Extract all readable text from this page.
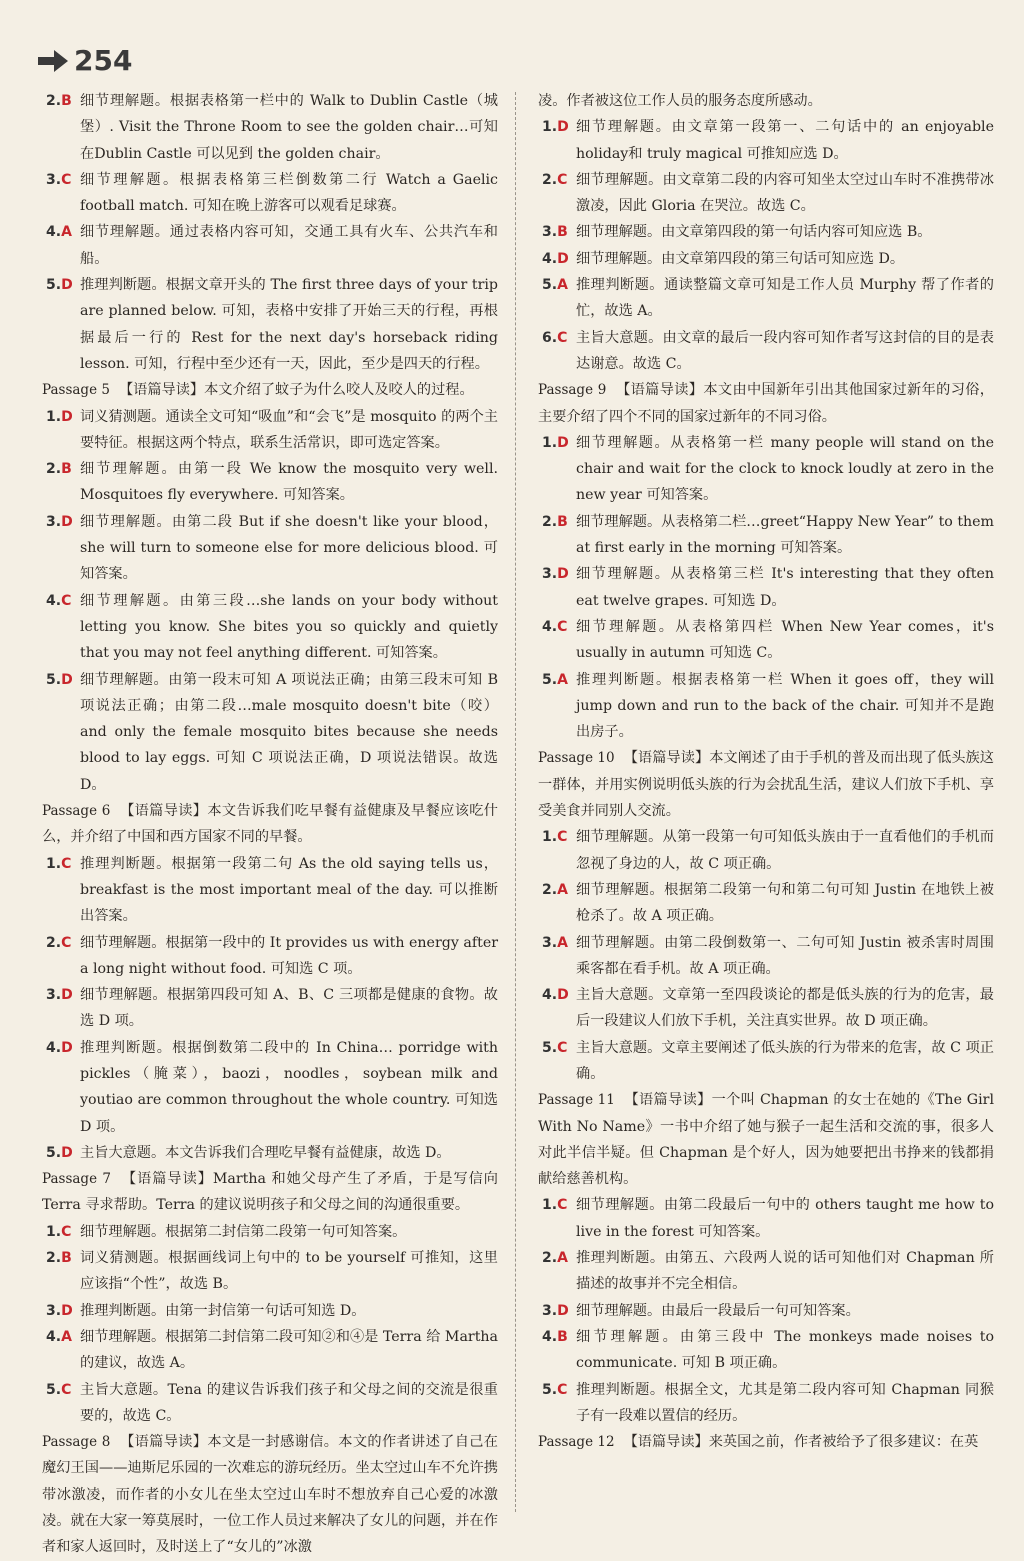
254
2.B 细节理解题。根据表格第一栏中的 Walk to Dublin Castle（城堡）. Visit the Throne Room to see the golden chair…可知在Dublin Castle 可以见到 the golden chair。
3.C 细节理解题。根据表格第三栏倒数第二行 Watch a Gaelic football match. 可知在晚上游客可以观看足球赛。
4.A 细节理解题。通过表格内容可知，交通工具有火车、公共汽车和船。
5.D 推理判断题。根据文章开头的 The first three days of your trip are planned below. 可知，表格中安排了开始三天的行程，再根据最后一行的 Rest for the next day's horseback riding lesson. 可知，行程中至少还有一天，因此，至少是四天的行程。
Passage 5 【语篇导读】本文介绍了蚊子为什么咬人及咬人的过程。
1.D 词义猜测题。通读全文可知“吸血”和“会飞”是 mosquito 的两个主要特征。根据这两个特点，联系生活常识，即可选定答案。
2.B 细节理解题。由第一段 We know the mosquito very well. Mosquitoes fly everywhere. 可知答案。
3.D 细节理解题。由第二段 But if she doesn't like your blood，she will turn to someone else for more delicious blood. 可知答案。
4.C 细节理解题。由第三段…she lands on your body without letting you know. She bites you so quickly and quietly that you may not feel anything different. 可知答案。
5.D 细节理解题。由第一段末可知 A 项说法正确；由第三段末可知 B 项说法正确；由第二段…male mosquito doesn't bite（咬）and only the female mosquito bites because she needs blood to lay eggs. 可知 C 项说法正确，D 项说法错误。故选 D。
Passage 6 【语篇导读】本文告诉我们吃早餐有益健康及早餐应该吃什么，并介绍了中国和西方国家不同的早餐。
1.C 推理判断题。根据第一段第二句 As the old saying tells us，breakfast is the most important meal of the day. 可以推断出答案。
2.C 细节理解题。根据第一段中的 It provides us with energy after a long night without food. 可知选 C 项。
3.D 细节理解题。根据第四段可知 A、B、C 三项都是健康的食物。故选 D 项。
4.D 推理判断题。根据倒数第二段中的 In China… porridge with pickles（腌菜），baozi，noodles，soybean milk and youtiao are common throughout the whole country. 可知选 D 项。
5.D 主旨大意题。本文告诉我们合理吃早餐有益健康，故选 D。
Passage 7 【语篇导读】Martha 和她父母产生了矛盾，于是写信向 Terra 寻求帮助。Terra 的建议说明孩子和父母之间的沟通很重要。
1.C 细节理解题。根据第二封信第二段第一句可知答案。
2.B 词义猜测题。根据画线词上句中的 to be yourself 可推知，这里应该指“个性”，故选 B。
3.D 推理判断题。由第一封信第一句话可知选 D。
4.A 细节理解题。根据第二封信第二段可知②和④是 Terra 给 Martha 的建议，故选 A。
5.C 主旨大意题。Tena 的建议告诉我们孩子和父母之间的交流是很重要的，故选 C。
Passage 8 【语篇导读】本文是一封感谢信。本文的作者讲述了自己在魔幻王国——迪斯尼乐园的一次难忘的游玩经历。坐太空过山车不允许携带冰激凌，而作者的小女儿在坐太空过山车时不想放弃自己心爱的冰激凌。就在大家一筹莫展时，一位工作人员过来解决了女儿的问题，并在作者和家人返回时，及时送上了“女儿的”冰激
凌。作者被这位工作人员的服务态度所感动。
1.D 细节理解题。由文章第一段第一、二句话中的 an enjoyable holiday和 truly magical 可推知应选 D。
2.C 细节理解题。由文章第二段的内容可知坐太空过山车时不准携带冰激凌，因此 Gloria 在哭泣。故选 C。
3.B 细节理解题。由文章第四段的第一句话内容可知应选 B。
4.D 细节理解题。由文章第四段的第三句话可知应选 D。
5.A 推理判断题。通读整篇文章可知是工作人员 Murphy 帮了作者的忙，故选 A。
6.C 主旨大意题。由文章的最后一段内容可知作者写这封信的目的是表达谢意。故选 C。
Passage 9 【语篇导读】本文由中国新年引出其他国家过新年的习俗，主要介绍了四个不同的国家过新年的不同习俗。
1.D 细节理解题。从表格第一栏 many people will stand on the chair and wait for the clock to knock loudly at zero in the new year 可知答案。
2.B 细节理解题。从表格第二栏…greet“Happy New Year” to them at first early in the morning 可知答案。
3.D 细节理解题。从表格第三栏 It's interesting that they often eat twelve grapes. 可知选 D。
4.C 细节理解题。从表格第四栏 When New Year comes，it's usually in autumn 可知选 C。
5.A 推理判断题。根据表格第一栏 When it goes off，they will jump down and run to the back of the chair. 可知并不是跑出房子。
Passage 10 【语篇导读】本文阐述了由于手机的普及而出现了低头族这一群体，并用实例说明低头族的行为会扰乱生活，建议人们放下手机、享受美食并同别人交流。
1.C 细节理解题。从第一段第一句可知低头族由于一直看他们的手机而忽视了身边的人，故 C 项正确。
2.A 细节理解题。根据第二段第一句和第二句可知 Justin 在地铁上被枪杀了。故 A 项正确。
3.A 细节理解题。由第二段倒数第一、二句可知 Justin 被杀害时周围乘客都在看手机。故 A 项正确。
4.D 主旨大意题。文章第一至四段谈论的都是低头族的行为的危害，最后一段建议人们放下手机，关注真实世界。故 D 项正确。
5.C 主旨大意题。文章主要阐述了低头族的行为带来的危害，故 C 项正确。
Passage 11 【语篇导读】一个叫 Chapman 的女士在她的《The Girl With No Name》一书中介绍了她与猴子一起生活和交流的事，很多人对此半信半疑。但 Chapman 是个好人，因为她要把出书挣来的钱都捐献给慈善机构。
1.C 细节理解题。由第二段最后一句中的 others taught me how to live in the forest 可知答案。
2.A 推理判断题。由第五、六段两人说的话可知他们对 Chapman 所描述的故事并不完全相信。
3.D 细节理解题。由最后一段最后一句可知答案。
4.B 细节理解题。由第三段中 The monkeys made noises to communicate. 可知 B 项正确。
5.C 推理判断题。根据全文，尤其是第二段内容可知 Chapman 同猴子有一段难以置信的经历。
Passage 12 【语篇导读】来英国之前，作者被给予了很多建议：在英
